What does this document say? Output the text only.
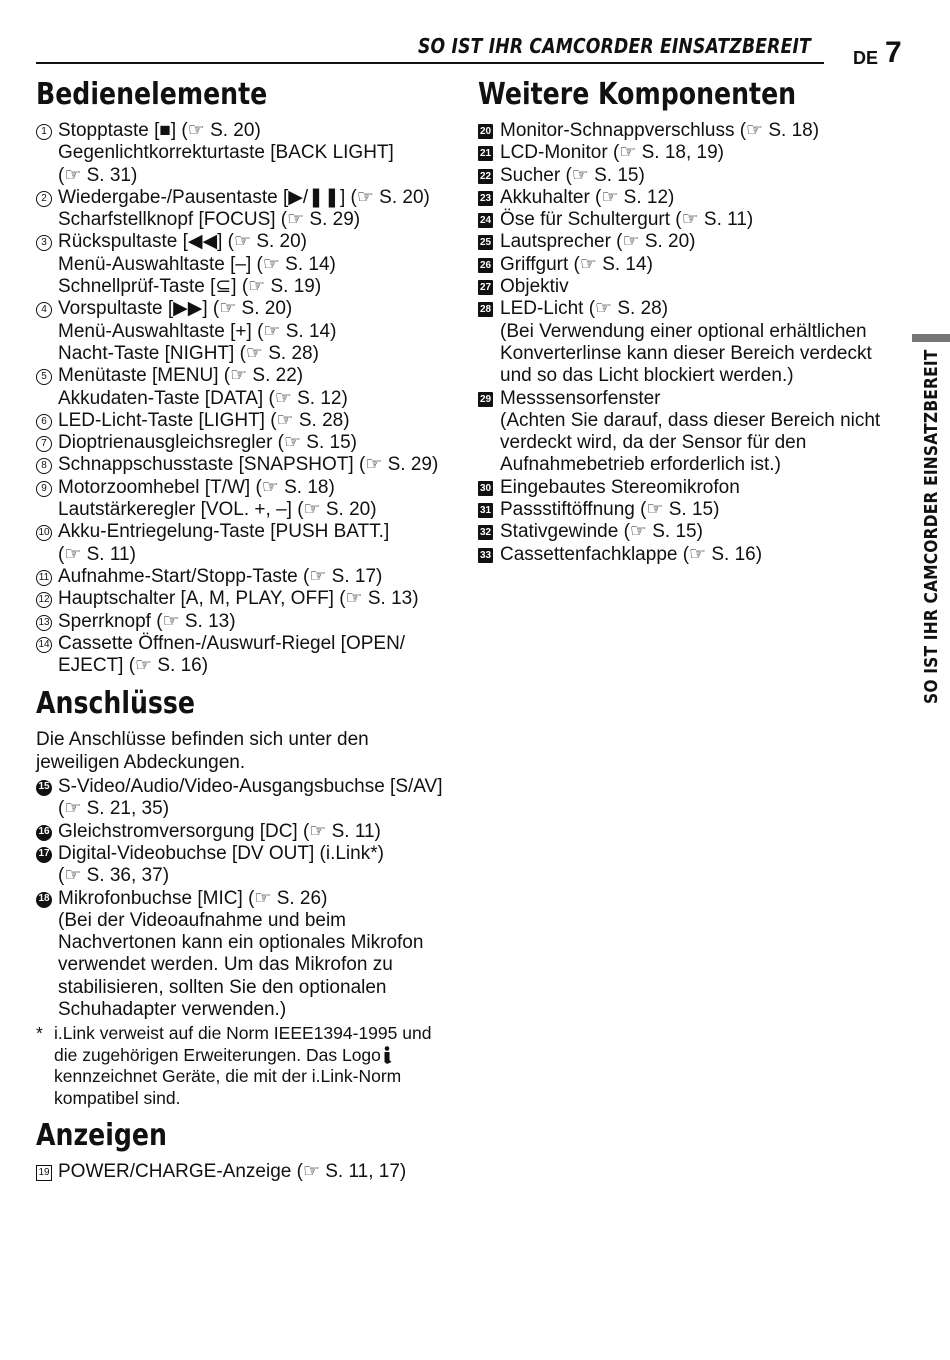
SO IST IHR CAMCORDER EINSATZBEREIT DE 7
SO IST IHR CAMCORDER EINSATZBEREIT
Bedienelemente
1 Stopptaste [■] (☞ S. 20)
Gegenlichtkorrekturtaste [BACK LIGHT]
(☞ S. 31)
2 Wiedergabe-/Pausentaste [▶/❚❚] (☞ S. 20)
Scharfstellknopf [FOCUS] (☞ S. 29)
3 Rückspultaste [◀◀] (☞ S. 20)
Menü-Auswahltaste [–] (☞ S. 14)
Schnellprüf-Taste [⊆] (☞ S. 19)
4 Vorspultaste [▶▶] (☞ S. 20)
Menü-Auswahltaste [+] (☞ S. 14)
Nacht-Taste [NIGHT] (☞ S. 28)
5 Menütaste [MENU] (☞ S. 22)
Akkudaten-Taste [DATA] (☞ S. 12)
6 LED-Licht-Taste [LIGHT] (☞ S. 28)
7 Dioptrienausgleichsregler (☞ S. 15)
8 Schnappschusstaste [SNAPSHOT] (☞ S. 29)
9 Motorzoomhebel [T/W] (☞ S. 18)
Lautstärkeregler [VOL. +, –] (☞ S. 20)
10 Akku-Entriegelung-Taste [PUSH BATT.]
(☞ S. 11)
11 Aufnahme-Start/Stopp-Taste (☞ S. 17)
12 Hauptschalter [A, M, PLAY, OFF] (☞ S. 13)
13 Sperrknopf (☞ S. 13)
14 Cassette Öffnen-/Auswurf-Riegel [OPEN/
EJECT] (☞ S. 16)
Anschlüsse
Die Anschlüsse befinden sich unter den
jeweiligen Abdeckungen.
15 S-Video/Audio/Video-Ausgangsbuchse [S/AV]
(☞ S. 21, 35)
16 Gleichstromversorgung [DC] (☞ S. 11)
17 Digital-Videobuchse [DV OUT] (i.Link*)
(☞ S. 36, 37)
18 Mikrofonbuchse [MIC] (☞ S. 26)
(Bei der Videoaufnahme und beim
Nachvertonen kann ein optionales Mikrofon
verwendet werden. Um das Mikrofon zu
stabilisieren, sollten Sie den optionalen
Schuhadapter verwenden.)
* i.Link verweist auf die Norm IEEE1394-1995 und
die zugehörigen Erweiterungen. Das Logo
kennzeichnet Geräte, die mit der i.Link-Norm
kompatibel sind.
Anzeigen
19 POWER/CHARGE-Anzeige (☞ S. 11, 17)
Weitere Komponenten
20 Monitor-Schnappverschluss (☞ S. 18)
21 LCD-Monitor (☞ S. 18, 19)
22 Sucher (☞ S. 15)
23 Akkuhalter (☞ S. 12)
24 Öse für Schultergurt (☞ S. 11)
25 Lautsprecher (☞ S. 20)
26 Griffgurt (☞ S. 14)
27 Objektiv
28 LED-Licht (☞ S. 28)
(Bei Verwendung einer optional erhältlichen
Konverterlinse kann dieser Bereich verdeckt
und so das Licht blockiert werden.)
29 Messsensorfenster
(Achten Sie darauf, dass dieser Bereich nicht
verdeckt wird, da der Sensor für den
Aufnahmebetrieb erforderlich ist.)
30 Eingebautes Stereomikrofon
31 Passstiftöffnung (☞ S. 15)
32 Stativgewinde (☞ S. 15)
33 Cassettenfachklappe (☞ S. 16)
